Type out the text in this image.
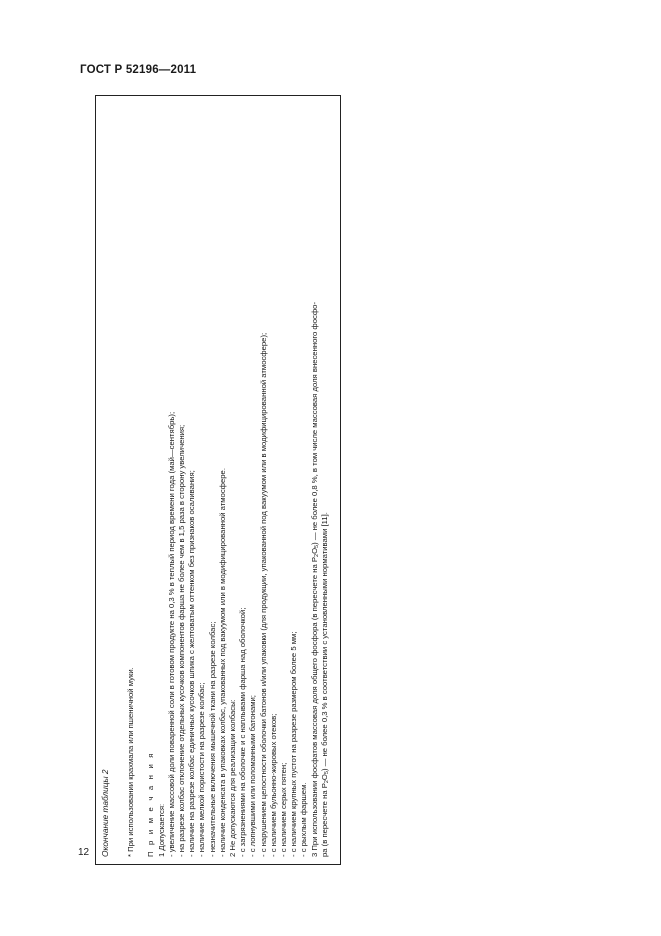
ГОСТ Р 52196—2011
Окончание таблицы 2 * При использовании крахмала или пшеничной муки. П р и м е ч а н и я 1 Допускается: - увеличение массовой доли поваренной соли в готовом продукте на 0,3 % в теплый период времени года (май—сентябрь); - на разрезе колбас отклонение отдельных кусочков компонентов фарша не более чем в 1,5 раза в сторону увеличения; - наличие на разрезе колбас единичных кусочков шпика с желтоватым оттенком без признаков осаливания; - наличие мелкой пористости на разрезе колбас; - незначительные включения мышечной ткани на разрезе колбас; - наличие конденсата в упаковках колбас, упакованных под вакуумом или в модифицированной атмосфере. 2 Не допускаются для реализации колбасы: - с загрязнениями на оболочке и с наплывами фарша над оболочкой; - с лопнувшими или поломанными батонами; - с нарушением целостности оболочки батонов и/или упаковки (для продукции, упакованной под вакуумом или в модифицированной атмосфере); - с наличием бульонно-жировых отеков; - с наличием серых пятен; - с наличием крупных пустот на разрезе размером более 5 мм; - с рыхлым фаршем. 3 При использовании фосфатов массовая доля общего фосфора (в пересчете на $P_2O_5$) — не более 0,8 %, в том числе массовая доля внесенного фосфо-
ра (в пересчете на $P_2O_5$) — не более 0,3 % в соответствии с установленными нормативами [11].
12
